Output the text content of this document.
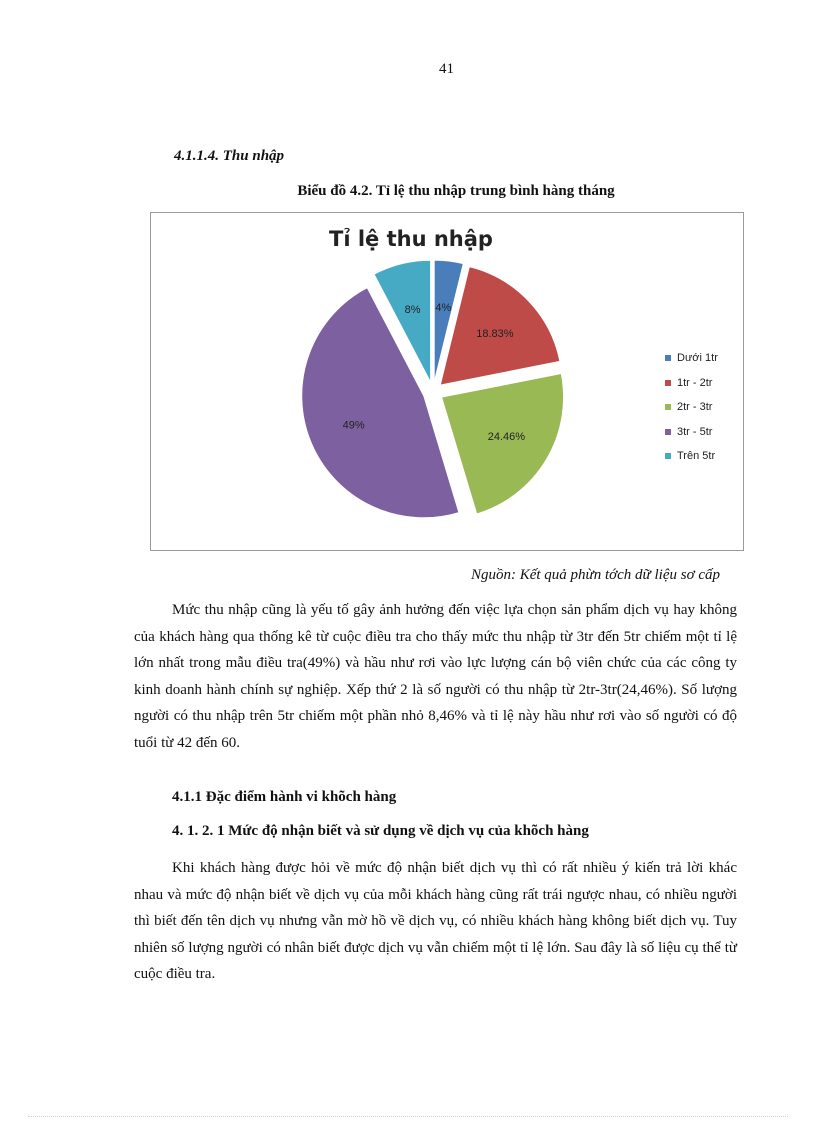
41
4.1.1.4. Thu nhập
Biểu đồ 4.2. Tỉ lệ thu nhập trung bình hàng tháng
4%
18.83%
24.46%
49%
8%
Tỉ lệ thu nhập
Dưới 1tr
1tr - 2tr
2tr - 3tr
3tr - 5tr
Trên 5tr
Nguồn: Kết quả phừn tớch dữ liệu sơ cấp
Mức thu nhập cũng là yếu tố gây ảnh hưởng đến việc lựa chọn sản phẩm dịch vụ hay không của khách hàng qua thống kê từ cuộc điều tra cho thấy mức thu nhập từ 3tr đến 5tr chiếm một tỉ lệ lớn nhất trong mẫu điều tra(49%) và hầu như rơi vào lực lượng cán bộ viên chức của các công ty kinh doanh hành chính sự nghiệp. Xếp thứ 2 là số người có thu nhập từ 2tr-3tr(24,46%). Số lượng người có thu nhập trên 5tr chiếm một phần nhỏ 8,46% và tỉ lệ này hầu như rơi vào số người có độ tuổi từ 42 đến 60.
4.1.1 Đặc điểm hành vi khõch hàng
4. 1. 2. 1 Mức độ nhận biết và sử dụng về dịch vụ của khõch hàng
Khi khách hàng được hỏi về mức độ nhận biết dịch vụ thì có rất nhiều ý kiến trả lời khác nhau và mức độ nhận biết về dịch vụ của mỗi khách hàng cũng rất trái ngược nhau, có nhiều người thì biết đến tên dịch vụ nhưng vẫn mờ hồ về dịch vụ, có nhiều khách hàng không biết dịch vụ. Tuy nhiên số lượng người có nhân biết được dịch vụ vẫn chiếm một tỉ lệ lớn. Sau đây là số liệu cụ thể từ cuộc điều tra.
